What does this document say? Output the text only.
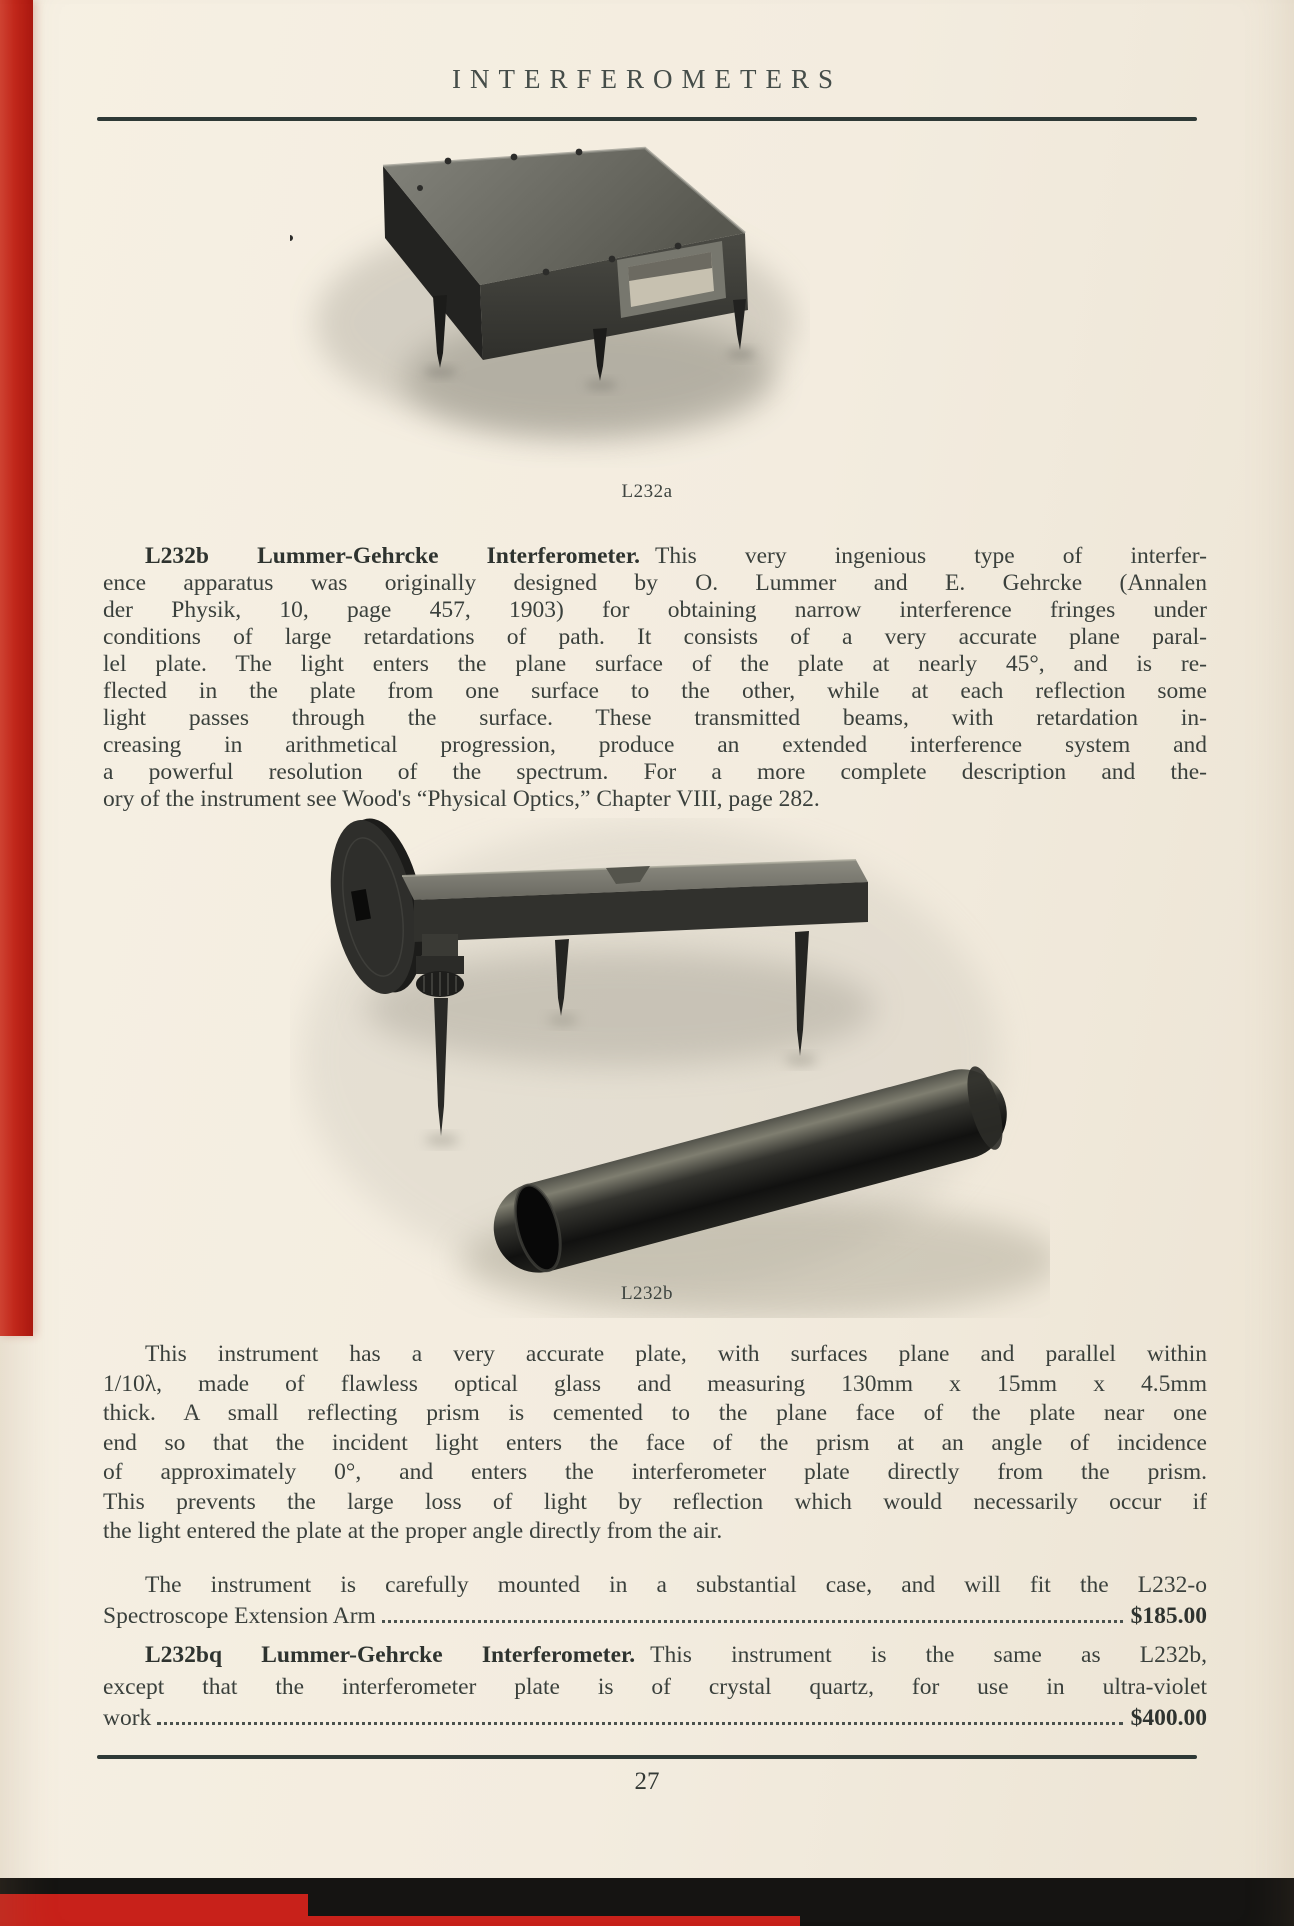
INTERFEROMETERS
L232a
L232b Lummer-Gehrcke Interferometer. This very ingenious type of interfer-
ence apparatus was originally designed by O. Lummer and E. Gehrcke (Annalen
der Physik, 10, page 457, 1903) for obtaining narrow interference fringes under
conditions of large retardations of path. It consists of a very accurate plane paral-
lel plate. The light enters the plane surface of the plate at nearly 45°, and is re-
flected in the plate from one surface to the other, while at each reflection some
light passes through the surface. These transmitted beams, with retardation in-
creasing in arithmetical progression, produce an extended interference system and
a powerful resolution of the spectrum. For a more complete description and the-
ory of the instrument see Wood's “Physical Optics,” Chapter VIII, page 282.
L232b
This instrument has a very accurate plate, with surfaces plane and parallel within
1/10λ, made of flawless optical glass and measuring 130mm x 15mm x 4.5mm
thick. A small reflecting prism is cemented to the plane face of the plate near one
end so that the incident light enters the face of the prism at an angle of incidence
of approximately 0°, and enters the interferometer plate directly from the prism.
This prevents the large loss of light by reflection which would necessarily occur if
the light entered the plate at the proper angle directly from the air.
The instrument is carefully mounted in a substantial case, and will fit the L232-o
Spectroscope Extension Arm	$185.00
L232bq Lummer-Gehrcke Interferometer. This instrument is the same as L232b,
except that the interferometer plate is of crystal quartz, for use in ultra-violet
work	$400.00
27
